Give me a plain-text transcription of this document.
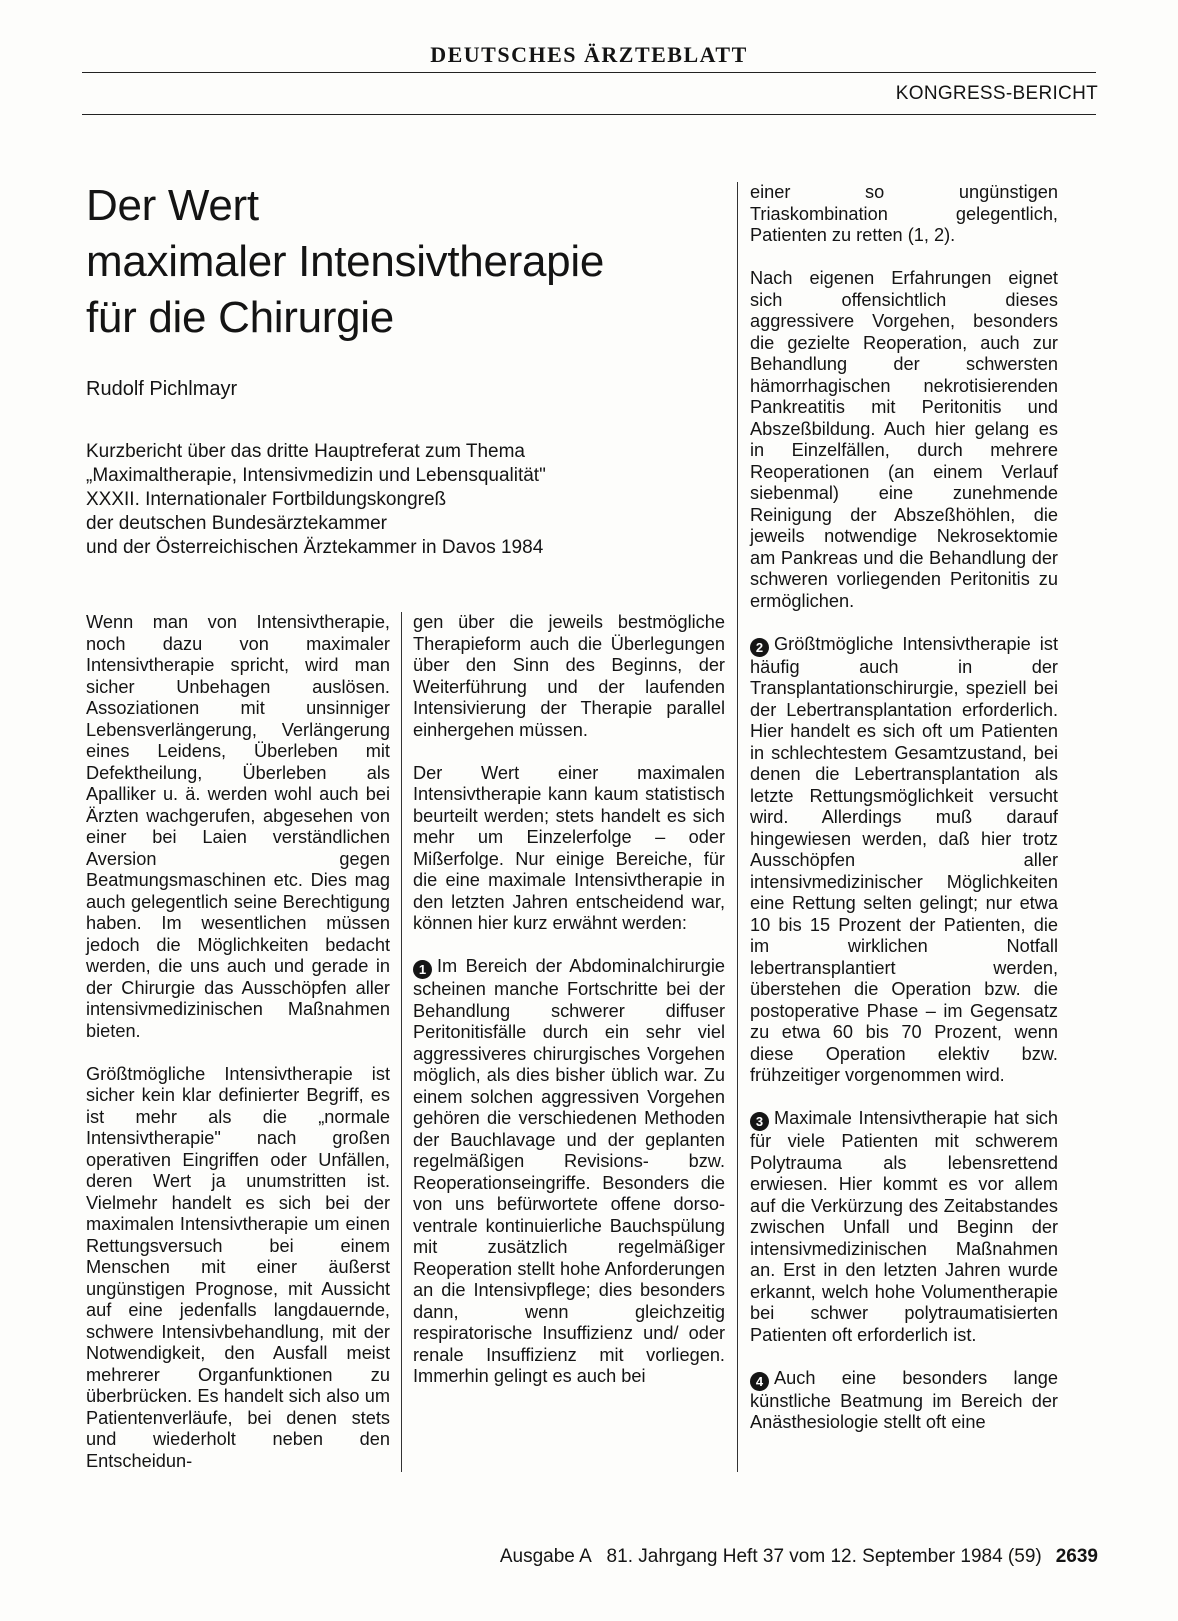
DEUTSCHES ÄRZTEBLATT
KONGRESS-BERICHT
Der Wert
maximaler Intensivtherapie
für die Chirurgie
Rudolf Pichlmayr
Kurzbericht über das dritte Hauptreferat zum Thema
„Maximaltherapie, Intensivmedizin und Lebensqualität"
XXXII. Internationaler Fortbildungskongreß
der deutschen Bundesärztekammer
und der Österreichischen Ärztekammer in Davos 1984

Wenn man von Intensivtherapie, noch dazu von maximaler Intensivtherapie spricht, wird man sicher Unbehagen auslösen. Assoziationen mit unsinniger Lebensverlängerung, Verlängerung eines Leidens, Überleben mit Defektheilung, Überleben als Apalliker u. ä. werden wohl auch bei Ärzten wachgerufen, abgesehen von einer bei Laien verständlichen Aversion gegen Beatmungsmaschinen etc. Dies mag auch gelegentlich seine Berechtigung haben. Im wesentlichen müssen jedoch die Möglichkeiten bedacht werden, die uns auch und gerade in der Chirurgie das Ausschöpfen aller intensivmedizinischen Maßnahmen bieten.

Größtmögliche Intensivtherapie ist sicher kein klar definierter Begriff, es ist mehr als die „normale Intensivtherapie" nach großen operativen Eingriffen oder Unfällen, deren Wert ja unumstritten ist. Vielmehr handelt es sich bei der maximalen Intensivtherapie um einen Rettungsversuch bei einem Menschen mit einer äußerst ungünstigen Prognose, mit Aussicht auf eine jedenfalls langdauernde, schwere Intensivbehandlung, mit der Notwendigkeit, den Ausfall meist mehrerer Organfunktionen zu überbrücken. Es handelt sich also um Patientenverläufe, bei denen stets und wiederholt neben den Entscheidun-

gen über die jeweils bestmögliche Therapieform auch die Überlegungen über den Sinn des Beginns, der Weiterführung und der laufenden Intensivierung der Therapie parallel einhergehen müssen.

Der Wert einer maximalen Intensivtherapie kann kaum statistisch beurteilt werden; stets handelt es sich mehr um Einzelerfolge – oder Mißerfolge. Nur einige Bereiche, für die eine maximale Intensivtherapie in den letzten Jahren entscheidend war, können hier kurz erwähnt werden:

1 Im Bereich der Abdominalchirurgie scheinen manche Fortschritte bei der Behandlung schwerer diffuser Peritonitisfälle durch ein sehr viel aggressiveres chirurgisches Vorgehen möglich, als dies bisher üblich war. Zu einem solchen aggressiven Vorgehen gehören die verschiedenen Methoden der Bauchlavage und der geplanten regelmäßigen Revisions- bzw. Reoperationseingriffe. Besonders die von uns befürwortete offene dorso-ventrale kontinuierliche Bauchspülung mit zusätzlich regelmäßiger Reoperation stellt hohe Anforderungen an die Intensivpflege; dies besonders dann, wenn gleichzeitig respiratorische Insuffizienz und/ oder renale Insuffizienz mit vorliegen. Immerhin gelingt es auch bei

einer so ungünstigen Triaskombination gelegentlich, Patienten zu retten (1, 2).

Nach eigenen Erfahrungen eignet sich offensichtlich dieses aggressivere Vorgehen, besonders die gezielte Reoperation, auch zur Behandlung der schwersten hämorrhagischen nekrotisierenden Pankreatitis mit Peritonitis und Abszeßbildung. Auch hier gelang es in Einzelfällen, durch mehrere Reoperationen (an einem Verlauf siebenmal) eine zunehmende Reinigung der Abszeßhöhlen, die jeweils notwendige Nekrosektomie am Pankreas und die Behandlung der schweren vorliegenden Peritonitis zu ermöglichen.

2 Größtmögliche Intensivtherapie ist häufig auch in der Transplantationschirurgie, speziell bei der Lebertransplantation erforderlich. Hier handelt es sich oft um Patienten in schlechtestem Gesamtzustand, bei denen die Lebertransplantation als letzte Rettungsmöglichkeit versucht wird. Allerdings muß darauf hingewiesen werden, daß hier trotz Ausschöpfen aller intensivmedizinischer Möglichkeiten eine Rettung selten gelingt; nur etwa 10 bis 15 Prozent der Patienten, die im wirklichen Notfall lebertransplantiert werden, überstehen die Operation bzw. die postoperative Phase – im Gegensatz zu etwa 60 bis 70 Prozent, wenn diese Operation elektiv bzw. frühzeitiger vorgenommen wird.

3 Maximale Intensivtherapie hat sich für viele Patienten mit schwerem Polytrauma als lebensrettend erwiesen. Hier kommt es vor allem auf die Verkürzung des Zeitabstandes zwischen Unfall und Beginn der intensivmedizinischen Maßnahmen an. Erst in den letzten Jahren wurde erkannt, welch hohe Volumentherapie bei schwer polytraumatisierten Patienten oft erforderlich ist.

4 Auch eine besonders lange künstliche Beatmung im Bereich der Anästhesiologie stellt oft eine

Ausgabe A   81. Jahrgang Heft 37 vom 12. September 1984 (59) 2639
